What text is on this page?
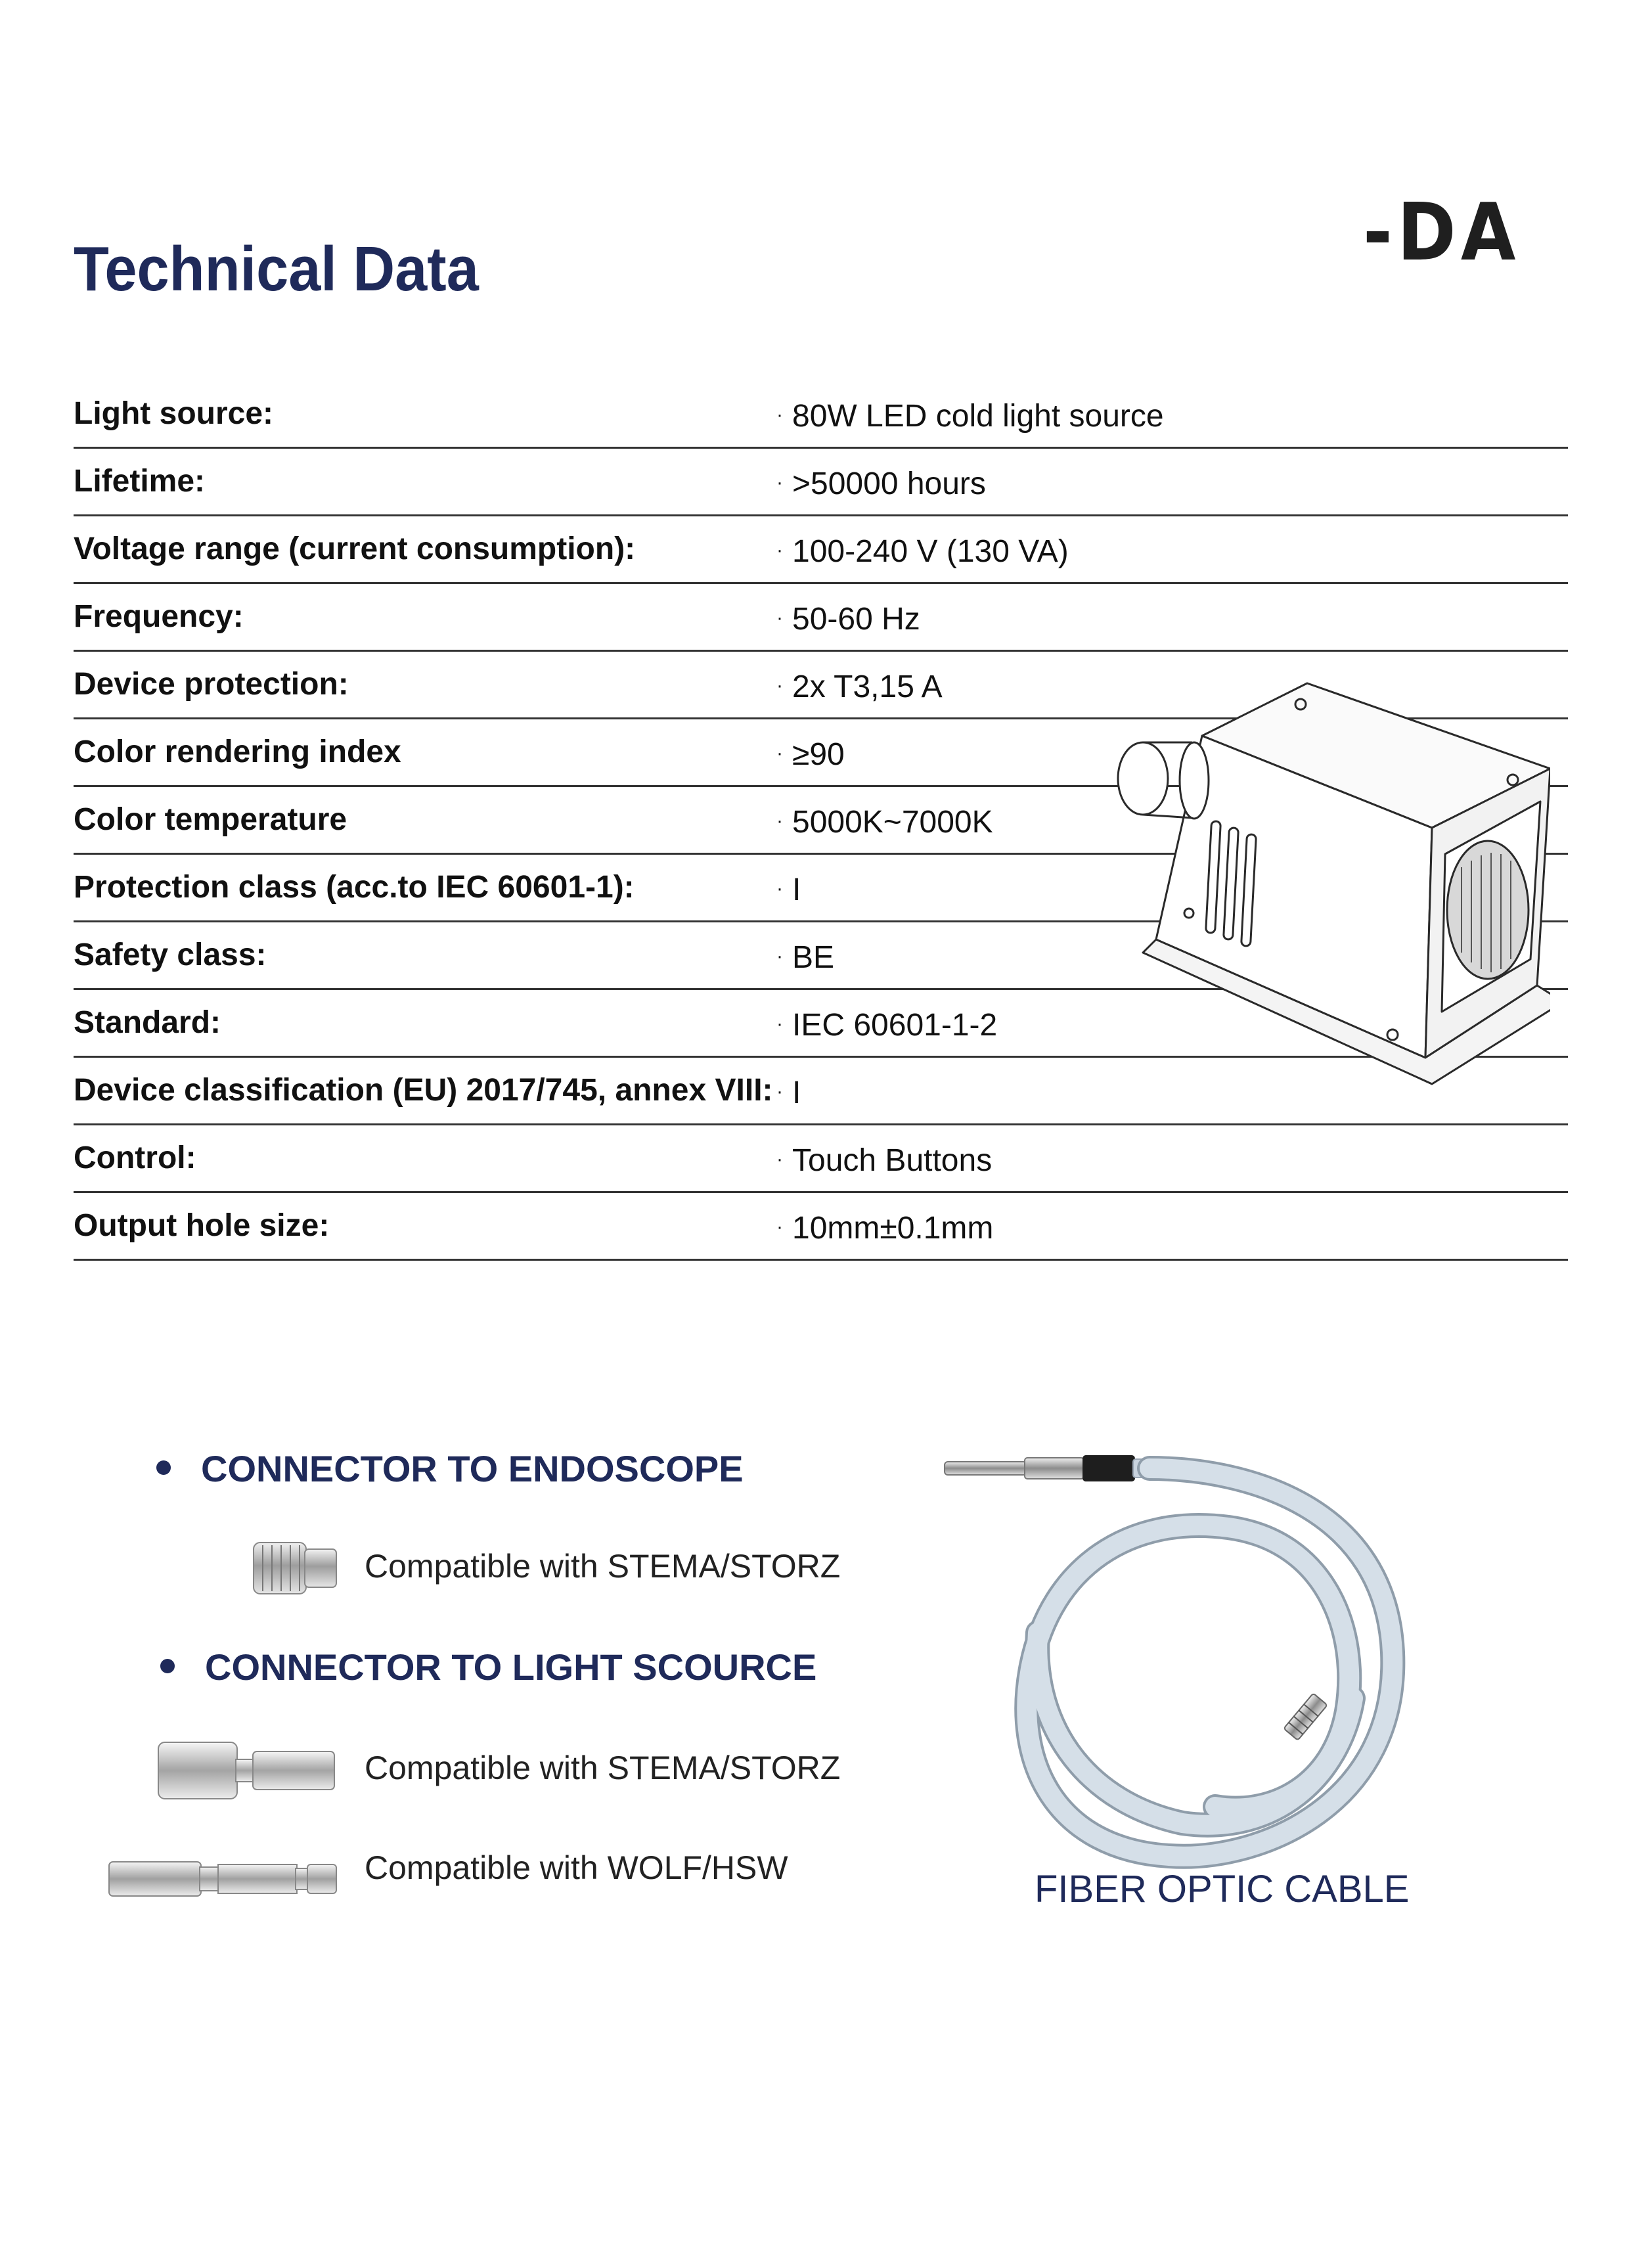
-DA
Technical Data
Light source:	· 80W LED cold light source
Lifetime:	· >50000 hours
Voltage range (current consumption):	· 100-240 V (130 VA)
Frequency:	· 50-60 Hz
Device protection:	· 2x T3,15 A
Color rendering index	· ≥90
Color temperature	· 5000K~7000K
Protection class (acc.to IEC 60601-1):	· I
Safety class:	· BE
Standard:	· IEC 60601-1-2
Device classification (EU) 2017/745, annex VIII: · I
Control:	· Touch Buttons
Output hole size:	· 10mm±0.1mm
CONNECTOR TO ENDOSCOPE
Compatible with STEMA/STORZ
CONNECTOR TO LIGHT SCOURCE
Compatible with STEMA/STORZ
Compatible with WOLF/HSW	FIBER OPTIC CABLE
